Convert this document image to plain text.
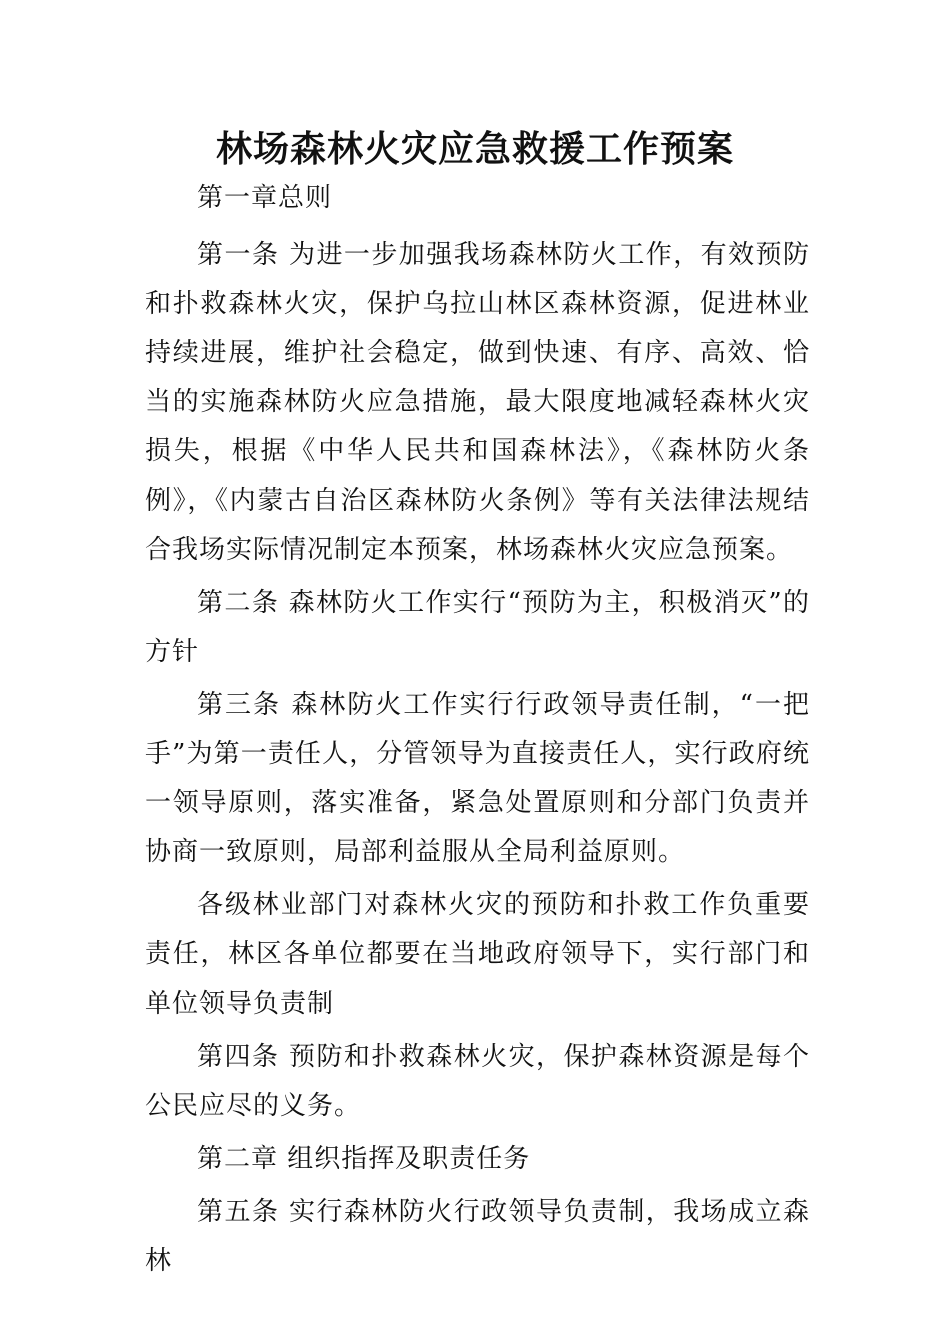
林场森林火灾应急救援工作预案

第一章总则

第一条 为进一步加强我场森林防火工作，有效预防和扑救森林火灾，保护乌拉山林区森林资源，促进林业持续进展，维护社会稳定，做到快速、有序、高效、恰当的实施森林防火应急措施，最大限度地减轻森林火灾损失，根据《中华人民共和国森林法》，《森林防火条例》，《内蒙古自治区森林防火条例》等有关法律法规结合我场实际情况制定本预案，林场森林火灾应急预案。

第二条 森林防火工作实行“预防为主，积极消灭”的方针

第三条 森林防火工作实行行政领导责任制，“一把手”为第一责任人，分管领导为直接责任人，实行政府统一领导原则，落实准备，紧急处置原则和分部门负责并协商一致原则，局部利益服从全局利益原则。

各级林业部门对森林火灾的预防和扑救工作负重要责任，林区各单位都要在当地政府领导下，实行部门和单位领导负责制

第四条 预防和扑救森林火灾，保护森林资源是每个公民应尽的义务。

第二章 组织指挥及职责任务

第五条 实行森林防火行政领导负责制，我场成立森林
